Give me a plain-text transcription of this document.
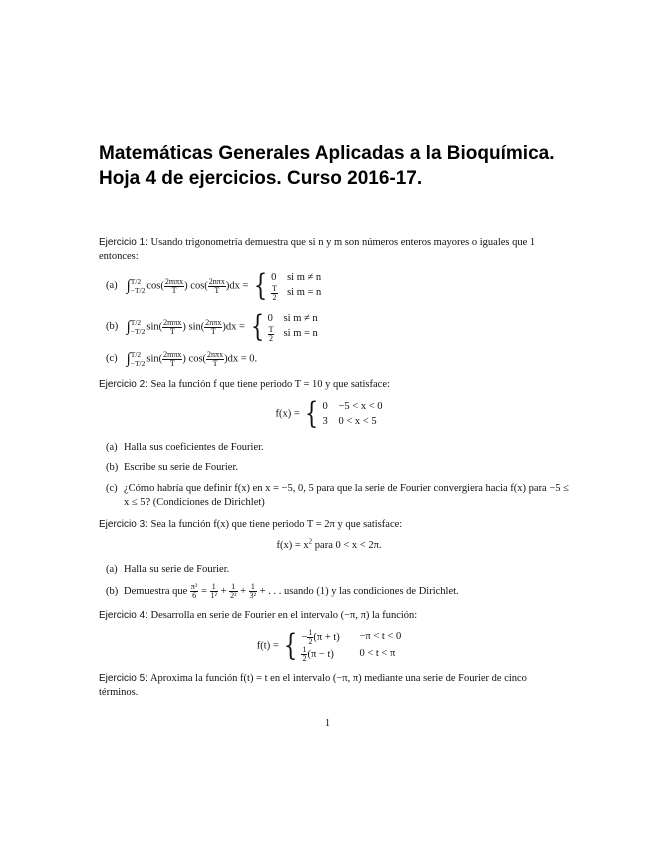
Matemáticas Generales Aplicadas a la Bioquímica.
Hoja 4 de ejercicios. Curso 2016-17.
Ejercicio 1: Usando trigonometría demuestra que si n y m son números enteros mayores o iguales que 1 entonces:
(a) ∫ T/2
−T/2 $\cos( \frac{\text{2mπx}}{T}$ ) $\cos( \frac{\text{2nπx}}{T} )dx$ = { 0	si m ≠ n
$\frac{T}{2}$ si m = n
(b) ∫ T/2
−T/2 $\sin( \frac{\text{2mπx}}{T}$ ) $\sin( \frac{\text{2nπx}}{T} )dx$ = { 0	si m ≠ n
$\frac{T}{2}$ si m = n
(c) ∫ T/2
−T/2 $\sin( \frac{\text{2mπx}}{T}$ ) $\cos( \frac{\text{2nπx}}{T} )dx = 0$.
Ejercicio 2: Sea la función f que tiene periodo T = 10 y que satisface:
f(x) = { 0	−5 < x < 0
3	0 < x < 5
(a) Halla sus coeficientes de Fourier.
(b) Escribe su serie de Fourier.
(c) ¿Cómo habría que definir f(x) en x = −5, 0, 5 para que la serie de Fourier convergiera hacia f(x) para −5 ≤ x ≤ 5? (Condiciones de Dirichlet)
Ejercicio 3: Sea la función f(x) que tiene periodo T = 2π y que satisface:
$f(x) = x^2$ para 0 < x < 2π.
(a) Halla su serie de Fourier.
(b) Demuestra que $\frac{\text{π²}}{6} = \frac{1}{\text{1²}} + \frac{1}{\text{2²}} + \frac{1}{\text{3²}}$ + . . . usando (1) y las condiciones de Dirichlet.
Ejercicio 4: Desarrolla en serie de Fourier en el intervalo (−π, π) la función:
f(t) = { − $\frac{1}{2} (\pi + t)$	−π < t < 0
$\frac{1}{2} (\pi - t)$	0 < t < π
Ejercicio 5: Aproxima la función f(t) = t en el intervalo (−π, π) mediante una serie de Fourier de cinco términos.
1
